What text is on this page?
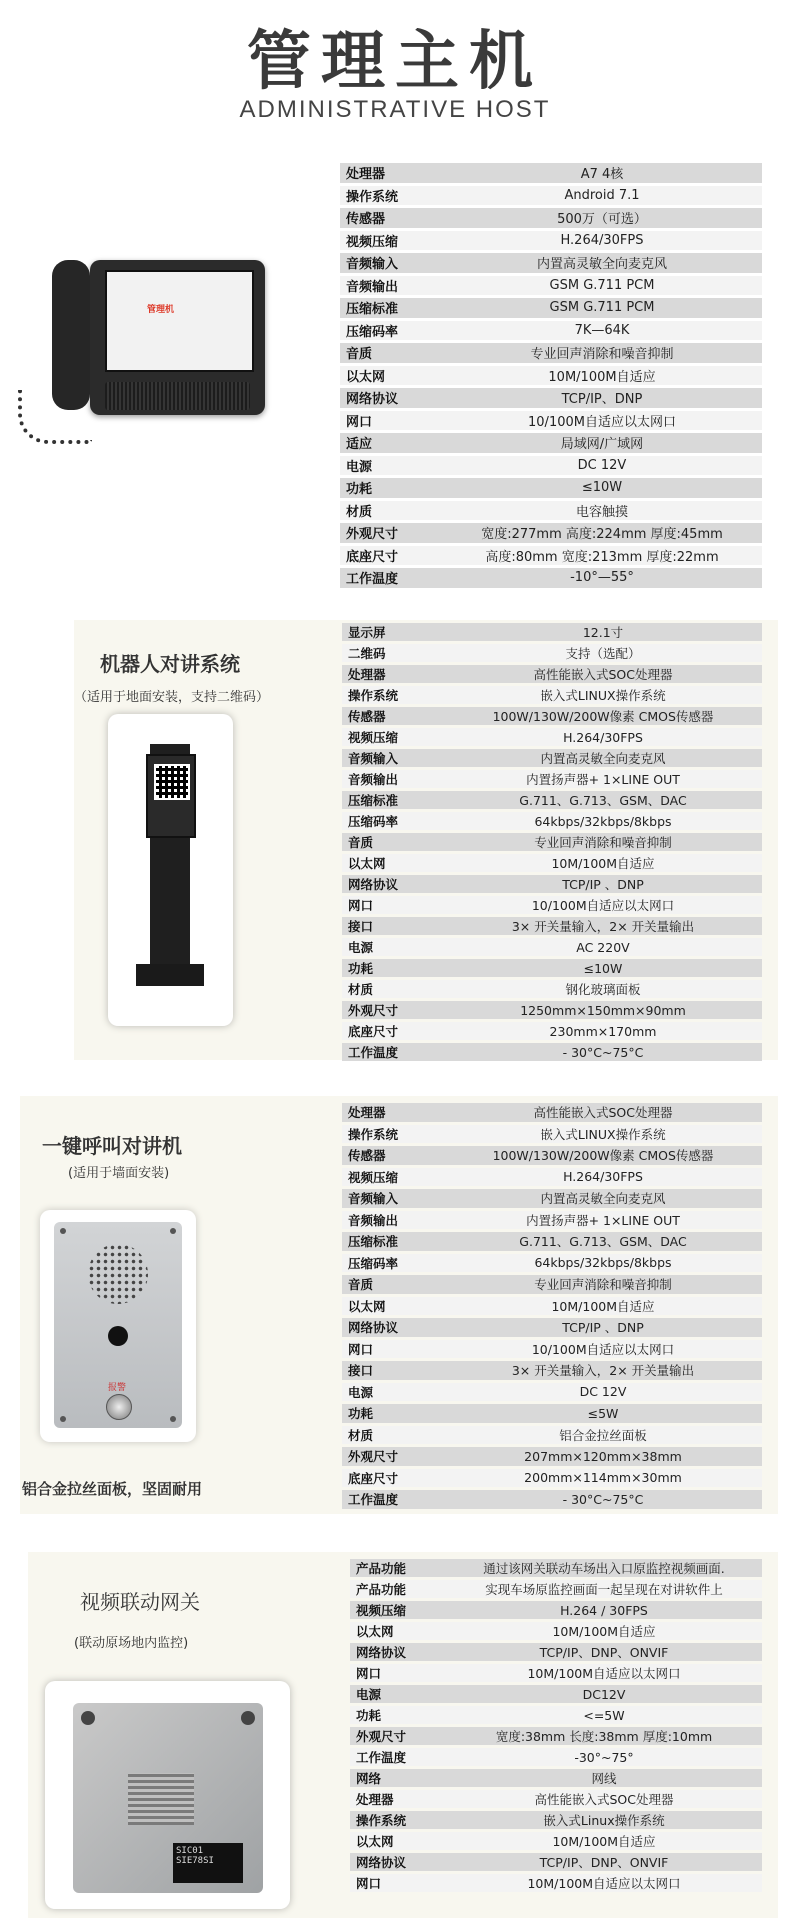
管理主机
ADMINISTRATIVE HOST
管理机
处理器	A7 4核
操作系统	Android 7.1
传感器	500万（可选）
视频压缩	H.264/30FPS
音频输入	内置高灵敏全向麦克风
音频输出	GSM G.711 PCM
压缩标准	GSM G.711 PCM
压缩码率	7K—64K
音质	专业回声消除和噪音抑制
以太网	10M/100M自适应
网络协议	TCP/IP、DNP
网口	10/100M自适应以太网口
适应	局域网/广域网
电源	DC 12V
功耗	≤10W
材质	电容触摸
外观尺寸	宽度:277mm 高度:224mm 厚度:45mm
底座尺寸	高度:80mm 宽度:213mm 厚度:22mm
工作温度	-10°—55°
机器人对讲系统
（适用于地面安装，支持二维码）
显示屏	12.1寸
二维码	支持（选配）
处理器	高性能嵌入式SOC处理器
操作系统	嵌入式LINUX操作系统
传感器	100W/130W/200W像素 CMOS传感器
视频压缩	H.264/30FPS
音频输入	内置高灵敏全向麦克风
音频输出	内置扬声器+ 1×LINE OUT
压缩标准	G.711、G.713、GSM、DAC
压缩码率	64kbps/32kbps/8kbps
音质	专业回声消除和噪音抑制
以太网	10M/100M自适应
网络协议	TCP/IP 、DNP
网口	10/100M自适应以太网口
接口	3× 开关量输入，2× 开关量输出
电源	AC 220V
功耗	≤10W
材质	钢化玻璃面板
外观尺寸	1250mm×150mm×90mm
底座尺寸	230mm×170mm
工作温度	- 30°C~75°C
一键呼叫对讲机
(适用于墙面安装)
报警
铝合金拉丝面板，坚固耐用
处理器	高性能嵌入式SOC处理器
操作系统	嵌入式LINUX操作系统
传感器	100W/130W/200W像素 CMOS传感器
视频压缩	H.264/30FPS
音频输入	内置高灵敏全向麦克风
音频输出	内置扬声器+ 1×LINE OUT
压缩标准	G.711、G.713、GSM、DAC
压缩码率	64kbps/32kbps/8kbps
音质	专业回声消除和噪音抑制
以太网	10M/100M自适应
网络协议	TCP/IP 、DNP
网口	10/100M自适应以太网口
接口	3× 开关量输入，2× 开关量输出
电源	DC 12V
功耗	≤5W
材质	铝合金拉丝面板
外观尺寸	207mm×120mm×38mm
底座尺寸	200mm×114mm×30mm
工作温度	- 30°C~75°C
视频联动网关
(联动原场地内监控)
SIC01 SIE78SI
产品功能	通过该网关联动车场出入口原监控视频画面.
产品功能	实现车场原监控画面一起呈现在对讲软件上
视频压缩	H.264 / 30FPS
以太网	10M/100M自适应
网络协议	TCP/IP、DNP、ONVIF
网口	10M/100M自适应以太网口
电源	DC12V
功耗	<=5W
外观尺寸	宽度:38mm 长度:38mm 厚度:10mm
工作温度	-30°~75°
网络	网线
处理器	高性能嵌入式SOC处理器
操作系统	嵌入式Linux操作系统
以太网	10M/100M自适应
网络协议	TCP/IP、DNP、ONVIF
网口	10M/100M自适应以太网口
